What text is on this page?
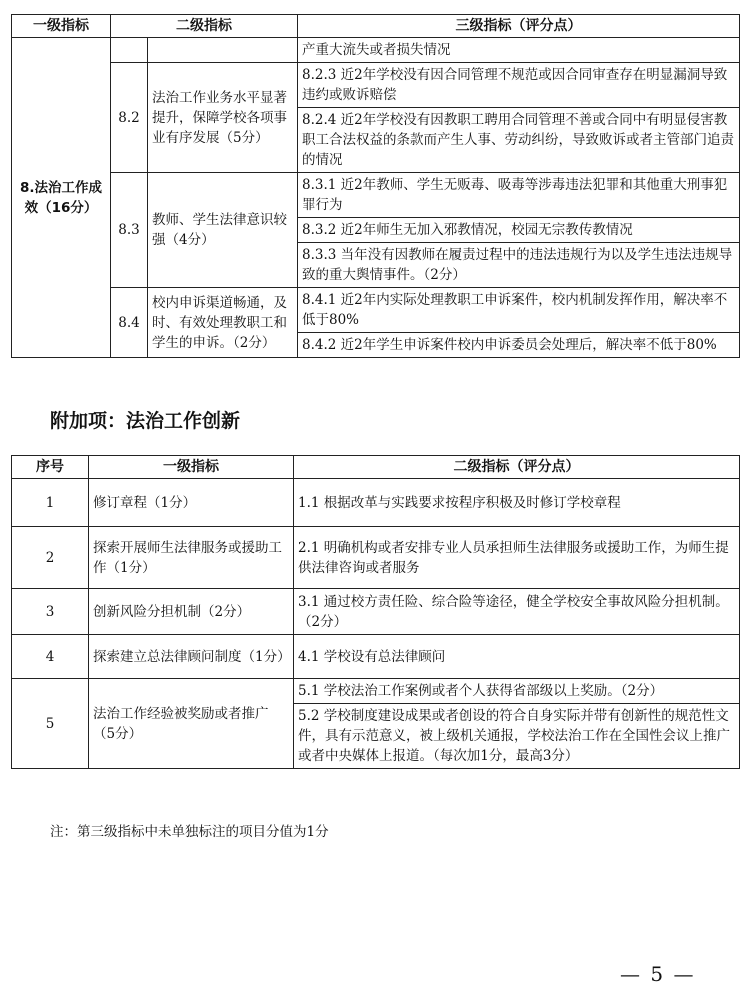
一级指标	二级指标		三级指标（评分点）
8.法治工作成效（16分）			产重大流失或者损失情况
	8.2	法治工作业务水平显著提升，保障学校各项事业有序发展（5分）	8.2.3 近2年学校没有因合同管理不规范或因合同审查存在明显漏洞导致违约或败诉赔偿
			8.2.4 近2年学校没有因教职工聘用合同管理不善或合同中有明显侵害教职工合法权益的条款而产生人事、劳动纠纷，导致败诉或者主管部门追责的情况
	8.3	教师、学生法律意识较强（4分）	8.3.1 近2年教师、学生无贩毒、吸毒等涉毒违法犯罪和其他重大刑事犯罪行为
			8.3.2 近2年师生无加入邪教情况，校园无宗教传教情况
			8.3.3 当年没有因教师在履责过程中的违法违规行为以及学生违法违规导致的重大舆情事件。（2分）
	8.4	校内申诉渠道畅通，及时、有效处理教职工和学生的申诉。（2分）	8.4.1 近2年内实际处理教职工申诉案件，校内机制发挥作用，解决率不低于80%
			8.4.2 近2年学生申诉案件校内申诉委员会处理后，解决率不低于80%
附加项：法治工作创新
序号	一级指标	二级指标（评分点）
1	修订章程（1分）	1.1 根据改革与实践要求按程序积极及时修订学校章程
2	探索开展师生法律服务或援助工作（1分）	2.1 明确机构或者安排专业人员承担师生法律服务或援助工作，为师生提供法律咨询或者服务
3	创新风险分担机制（2分）	3.1 通过校方责任险、综合险等途径，健全学校安全事故风险分担机制。（2分）
4	探索建立总法律顾问制度（1分）	4.1 学校设有总法律顾问
5	法治工作经验被奖励或者推广（5分）	5.1 学校法治工作案例或者个人获得省部级以上奖励。（2分）
		5.2 学校制度建设成果或者创设的符合自身实际并带有创新性的规范性文件，具有示范意义，被上级机关通报，学校法治工作在全国性会议上推广或者中央媒体上报道。（每次加1分，最高3分）
注：第三级指标中未单独标注的项目分值为1分
— 5 —
